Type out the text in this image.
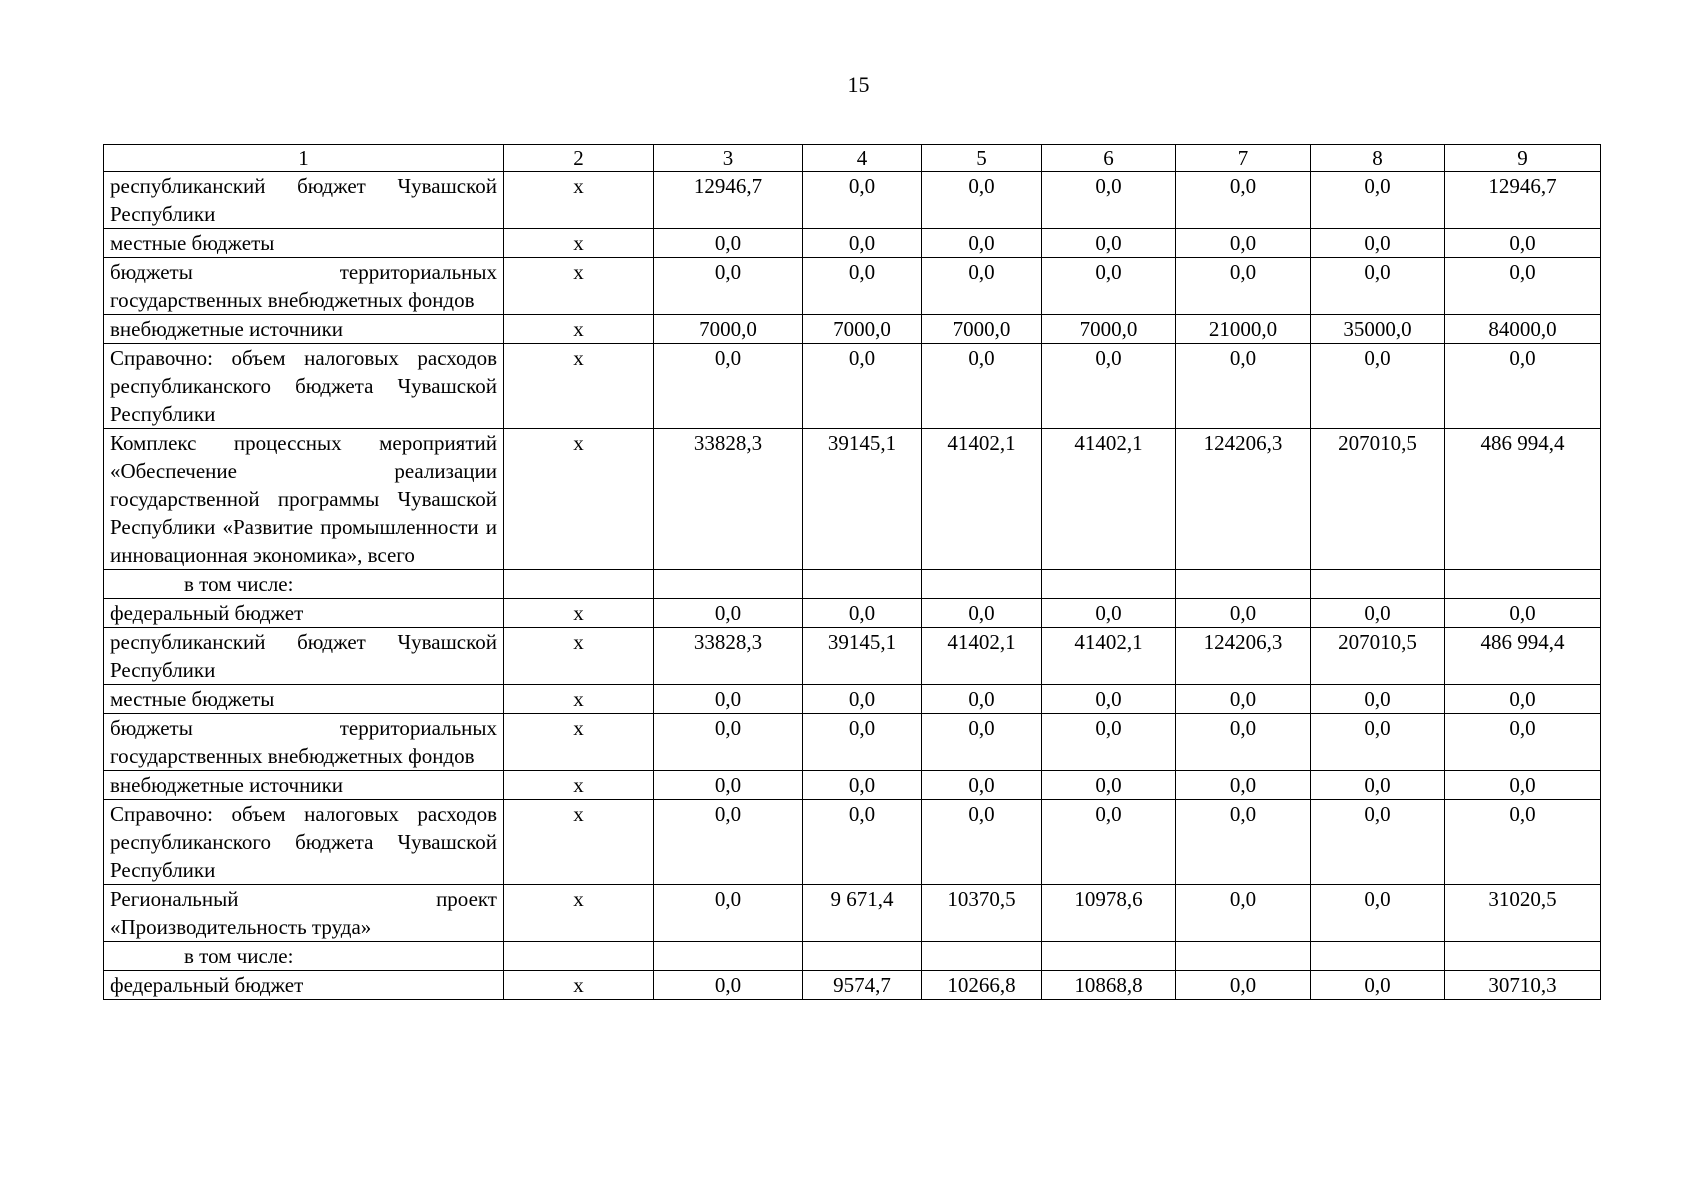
15
1	2	3	4	5	6	7	8	9
республиканский бюджет Чувашской Республики	х	12946,7	0,0	0,0	0,0	0,0	0,0	12946,7
местные бюджеты	х	0,0	0,0	0,0	0,0	0,0	0,0	0,0
бюджеты территориальных государственных внебюджетных фондов	х	0,0	0,0	0,0	0,0	0,0	0,0	0,0
внебюджетные источники	х	7000,0	7000,0	7000,0	7000,0	21000,0	35000,0	84000,0
Справочно: объем налоговых расходов республиканского бюджета Чувашской Республики	х	0,0	0,0	0,0	0,0	0,0	0,0	0,0
Комплекс процессных мероприятий «Обеспечение реализации государственной программы Чувашской Республики «Развитие промышленности и инновационная экономика», всего	х	33828,3	39145,1	41402,1	41402,1	124206,3	207010,5	486 994,4
в том числе:								
федеральный бюджет	х	0,0	0,0	0,0	0,0	0,0	0,0	0,0
республиканский бюджет Чувашской Республики	х	33828,3	39145,1	41402,1	41402,1	124206,3	207010,5	486 994,4
местные бюджеты	х	0,0	0,0	0,0	0,0	0,0	0,0	0,0
бюджеты территориальных государственных внебюджетных фондов	х	0,0	0,0	0,0	0,0	0,0	0,0	0,0
внебюджетные источники	х	0,0	0,0	0,0	0,0	0,0	0,0	0,0
Справочно: объем налоговых расходов республиканского бюджета Чувашской Республики	х	0,0	0,0	0,0	0,0	0,0	0,0	0,0
Региональный проект «Производительность труда»	х	0,0	9 671,4	10370,5	10978,6	0,0	0,0	31020,5
в том числе:								
федеральный бюджет	х	0,0	9574,7	10266,8	10868,8	0,0	0,0	30710,3
